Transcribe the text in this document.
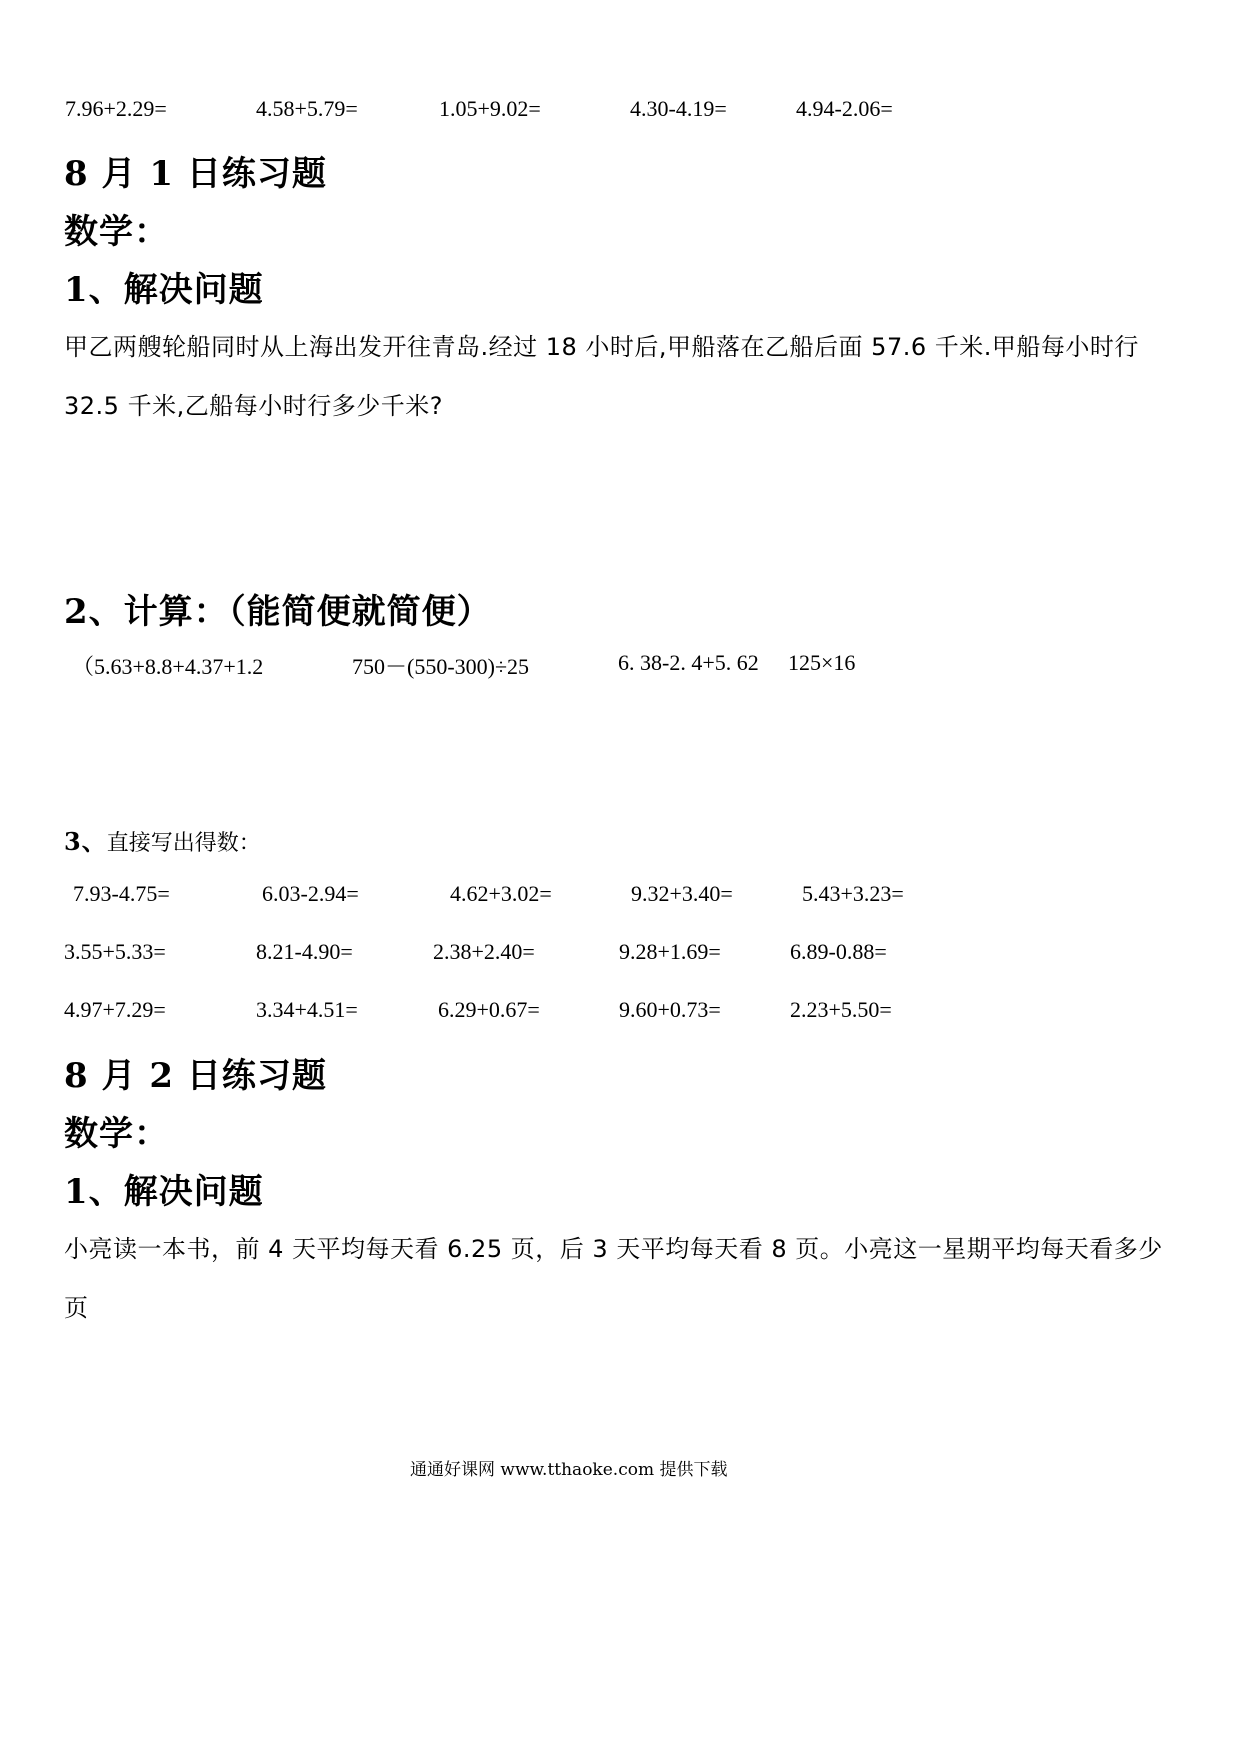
7.96+2.29=	4.58+5.79=	1.05+9.02=	4.30-4.19=	4.94-2.06=
8 月 1 日练习题
数学：
1、解决问题
甲乙两艘轮船同时从上海出发开往青岛.经过 18 小时后,甲船落在乙船后面 57.6 千米.甲船每小时行
32.5 千米,乙船每小时行多少千米?
2、计算：（能简便就简便）
（5.63+8.8+4.37+1.2	750－(550-300)÷25	6. 38-2. 4+5. 62 125×16
3、直接写出得数：
7.93-4.75=	6.03-2.94=	4.62+3.02=	9.32+3.40=	5.43+3.23=
3.55+5.33=	8.21-4.90=	2.38+2.40=	9.28+1.69=	6.89-0.88=
4.97+7.29=	3.34+4.51=	6.29+0.67=	9.60+0.73=	2.23+5.50=
8 月 2 日练习题
数学：
1、解决问题
小亮读一本书，前 4 天平均每天看 6.25 页，后 3 天平均每天看 8 页。小亮这一星期平均每天看多少
页
通通好课网 www.tthaoke.com 提供下载
